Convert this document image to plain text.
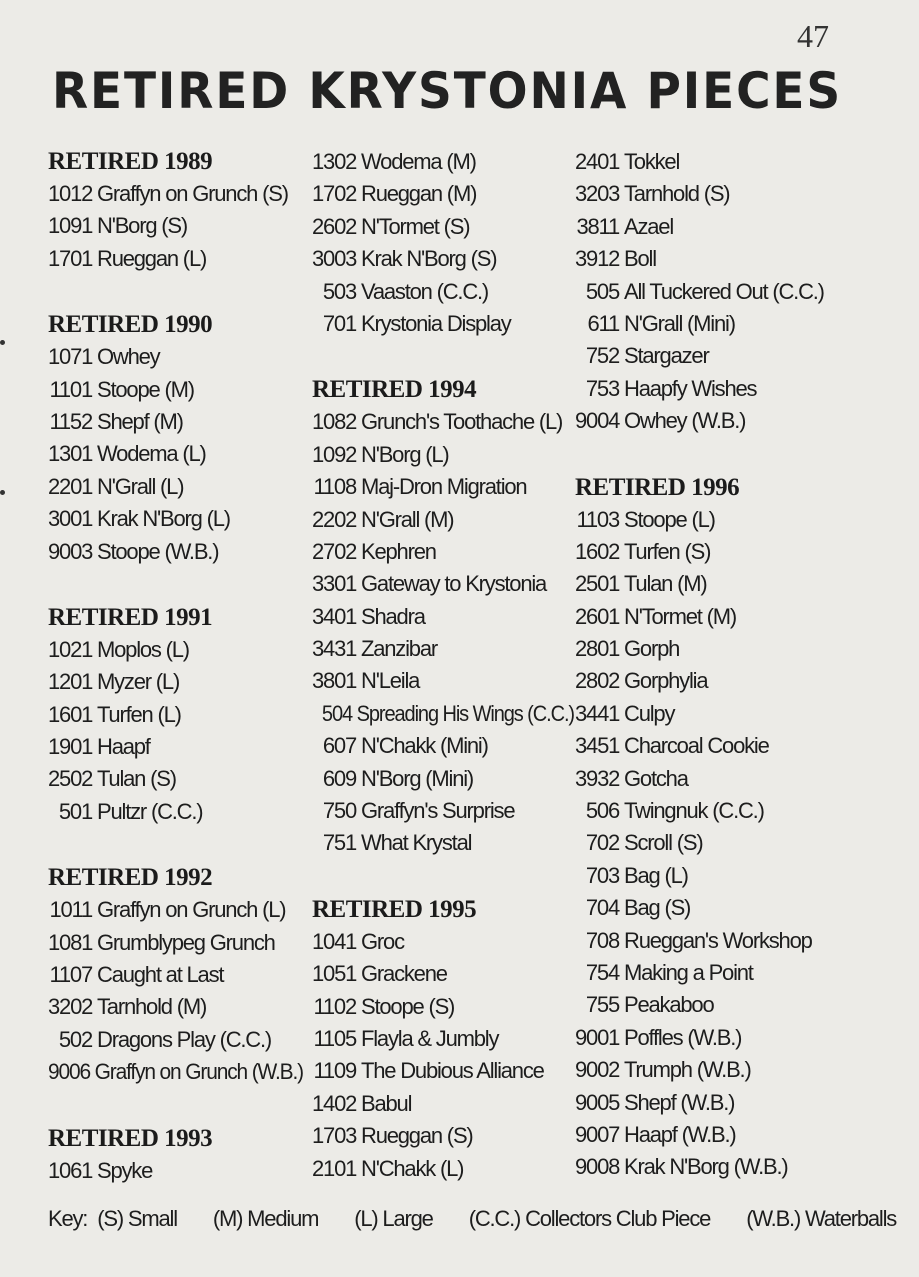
47
RETIRED KRYSTONIA PIECES
RETIRED 1989
1012 Graffyn on Grunch (S)
1091 N'Borg (S)
1701 Rueggan (L)
RETIRED 1990
1071 Owhey
1101 Stoope (M)
1152 Shepf (M)
1301 Wodema (L)
2201 N'Grall (L)
3001 Krak N'Borg (L)
9003 Stoope (W.B.)
RETIRED 1991
1021 Moplos (L)
1201 Myzer (L)
1601 Turfen (L)
1901 Haapf
2502 Tulan (S)
501 Pultzr (C.C.)
RETIRED 1992
1011 Graffyn on Grunch (L)
1081 Grumblypeg Grunch
1107 Caught at Last
3202 Tarnhold (M)
502 Dragons Play (C.C.)
9006 Graffyn on Grunch (W.B.)
RETIRED 1993
1061 Spyke
1302 Wodema (M)
1702 Rueggan (M)
2602 N'Tormet (S)
3003 Krak N'Borg (S)
503 Vaaston (C.C.)
701 Krystonia Display
RETIRED 1994
1082 Grunch's Toothache (L)
1092 N'Borg (L)
1108 Maj-Dron Migration
2202 N'Grall (M)
2702 Kephren
3301 Gateway to Krystonia
3401 Shadra
3431 Zanzibar
3801 N'Leila
504 Spreading His Wings (C.C.)
607 N'Chakk (Mini)
609 N'Borg (Mini)
750 Graffyn's Surprise
751 What Krystal
RETIRED 1995
1041 Groc
1051 Grackene
1102 Stoope (S)
1105 Flayla & Jumbly
1109 The Dubious Alliance
1402 Babul
1703 Rueggan (S)
2101 N'Chakk (L)
2401 Tokkel
3203 Tarnhold (S)
3811 Azael
3912 Boll
505 All Tuckered Out (C.C.)
611 N'Grall (Mini)
752 Stargazer
753 Haapfy Wishes
9004 Owhey (W.B.)
RETIRED 1996
1103 Stoope (L)
1602 Turfen (S)
2501 Tulan (M)
2601 N'Tormet (M)
2801 Gorph
2802 Gorphylia
3441 Culpy
3451 Charcoal Cookie
3932 Gotcha
506 Twingnuk (C.C.)
702 Scroll (S)
703 Bag (L)
704 Bag (S)
708 Rueggan's Workshop
754 Making a Point
755 Peakaboo
9001 Poffles (W.B.)
9002 Trumph (W.B.)
9005 Shepf (W.B.)
9007 Haapf (W.B.)
9008 Krak N'Borg (W.B.)
Key: (S) Small (M) Medium (L) Large (C.C.) Collectors Club Piece (W.B.) Waterballs
